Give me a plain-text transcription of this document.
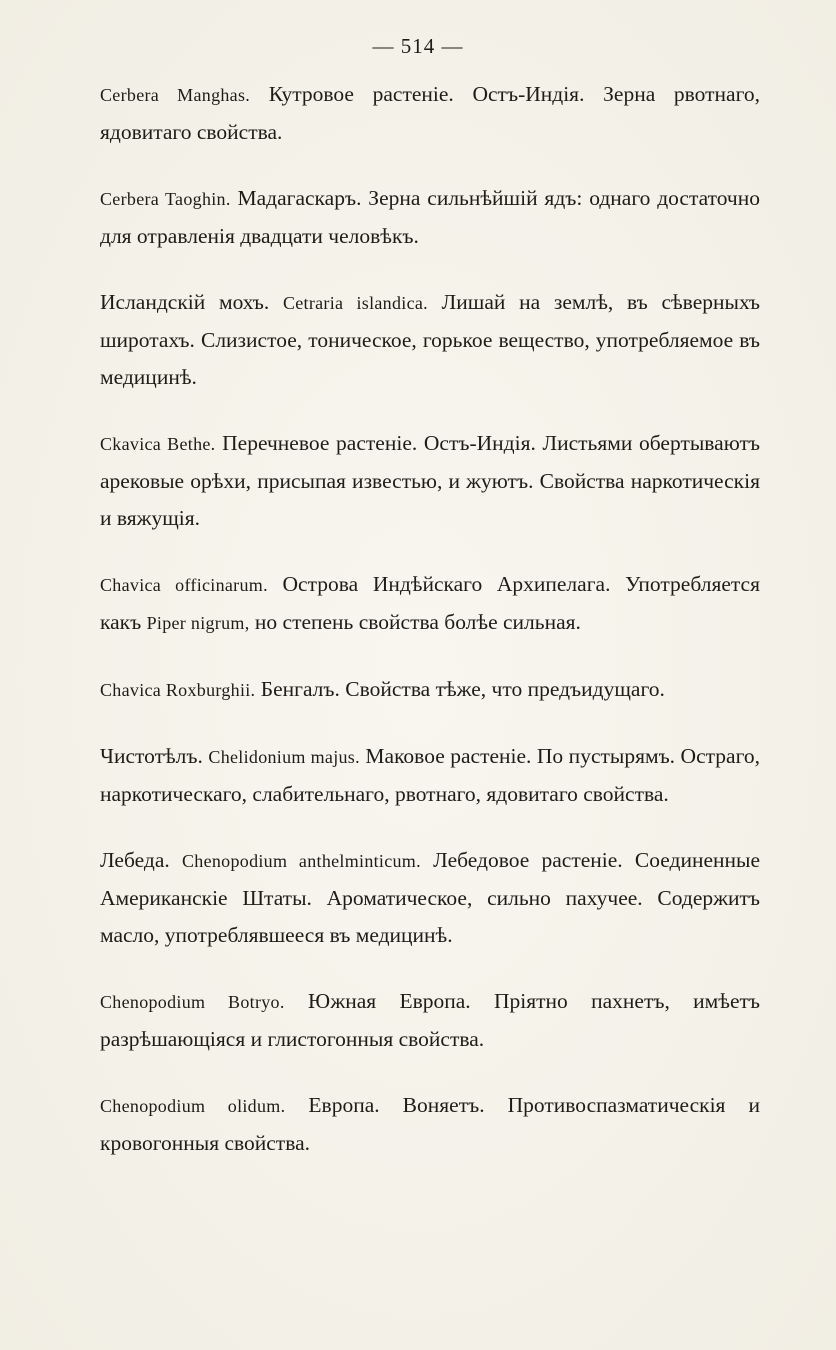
— 514 —

Cerbera Manghas. Кутровое растеніе. Остъ-Индія. Зерна рвотнаго, ядовитаго свойства.

Cerbera Taoghin. Мадагаскаръ. Зерна сильнѣйшій ядъ: однаго достаточно для отравленія двадцати человѣкъ.

Исландскій мохъ. Cetraria islandica. Лишай на землѣ, въ сѣверныхъ широтахъ. Слизистое, тоническое, горькое вещество, употребляемое въ медицинѣ.

Ckavica Bethe. Перечневое растеніе. Остъ-Индія. Листьями обертываютъ арековые орѣхи, присыпая известью, и жуютъ. Свойства наркотическія и вяжущія.

Chavica officinarum. Острова Индѣйскаго Архипелага. Употребляется какъ Piper nigrum, но степень свойства болѣе сильная.

Chavica Roxburghii. Бенгалъ. Свойства тѣже, что предъидущаго.

Чистотѣлъ. Chelidonium majus. Маковое растеніе. По пустырямъ. Остраго, наркотическаго, слабительнаго, рвотнаго, ядовитаго свойства.

Лебеда. Chenopodium anthelminticum. Лебедовое растеніе. Соединенные Американскіе Штаты. Ароматическое, сильно пахучее. Содержитъ масло, употреблявшееся въ медицинѣ.

Chenopodium Botryo. Южная Европа. Пріятно пахнетъ, имѣетъ разрѣшающіяся и глистогонныя свойства.

Chenopodium olidum. Европа. Воняетъ. Противоспазматическія и кровогонныя свойства.
